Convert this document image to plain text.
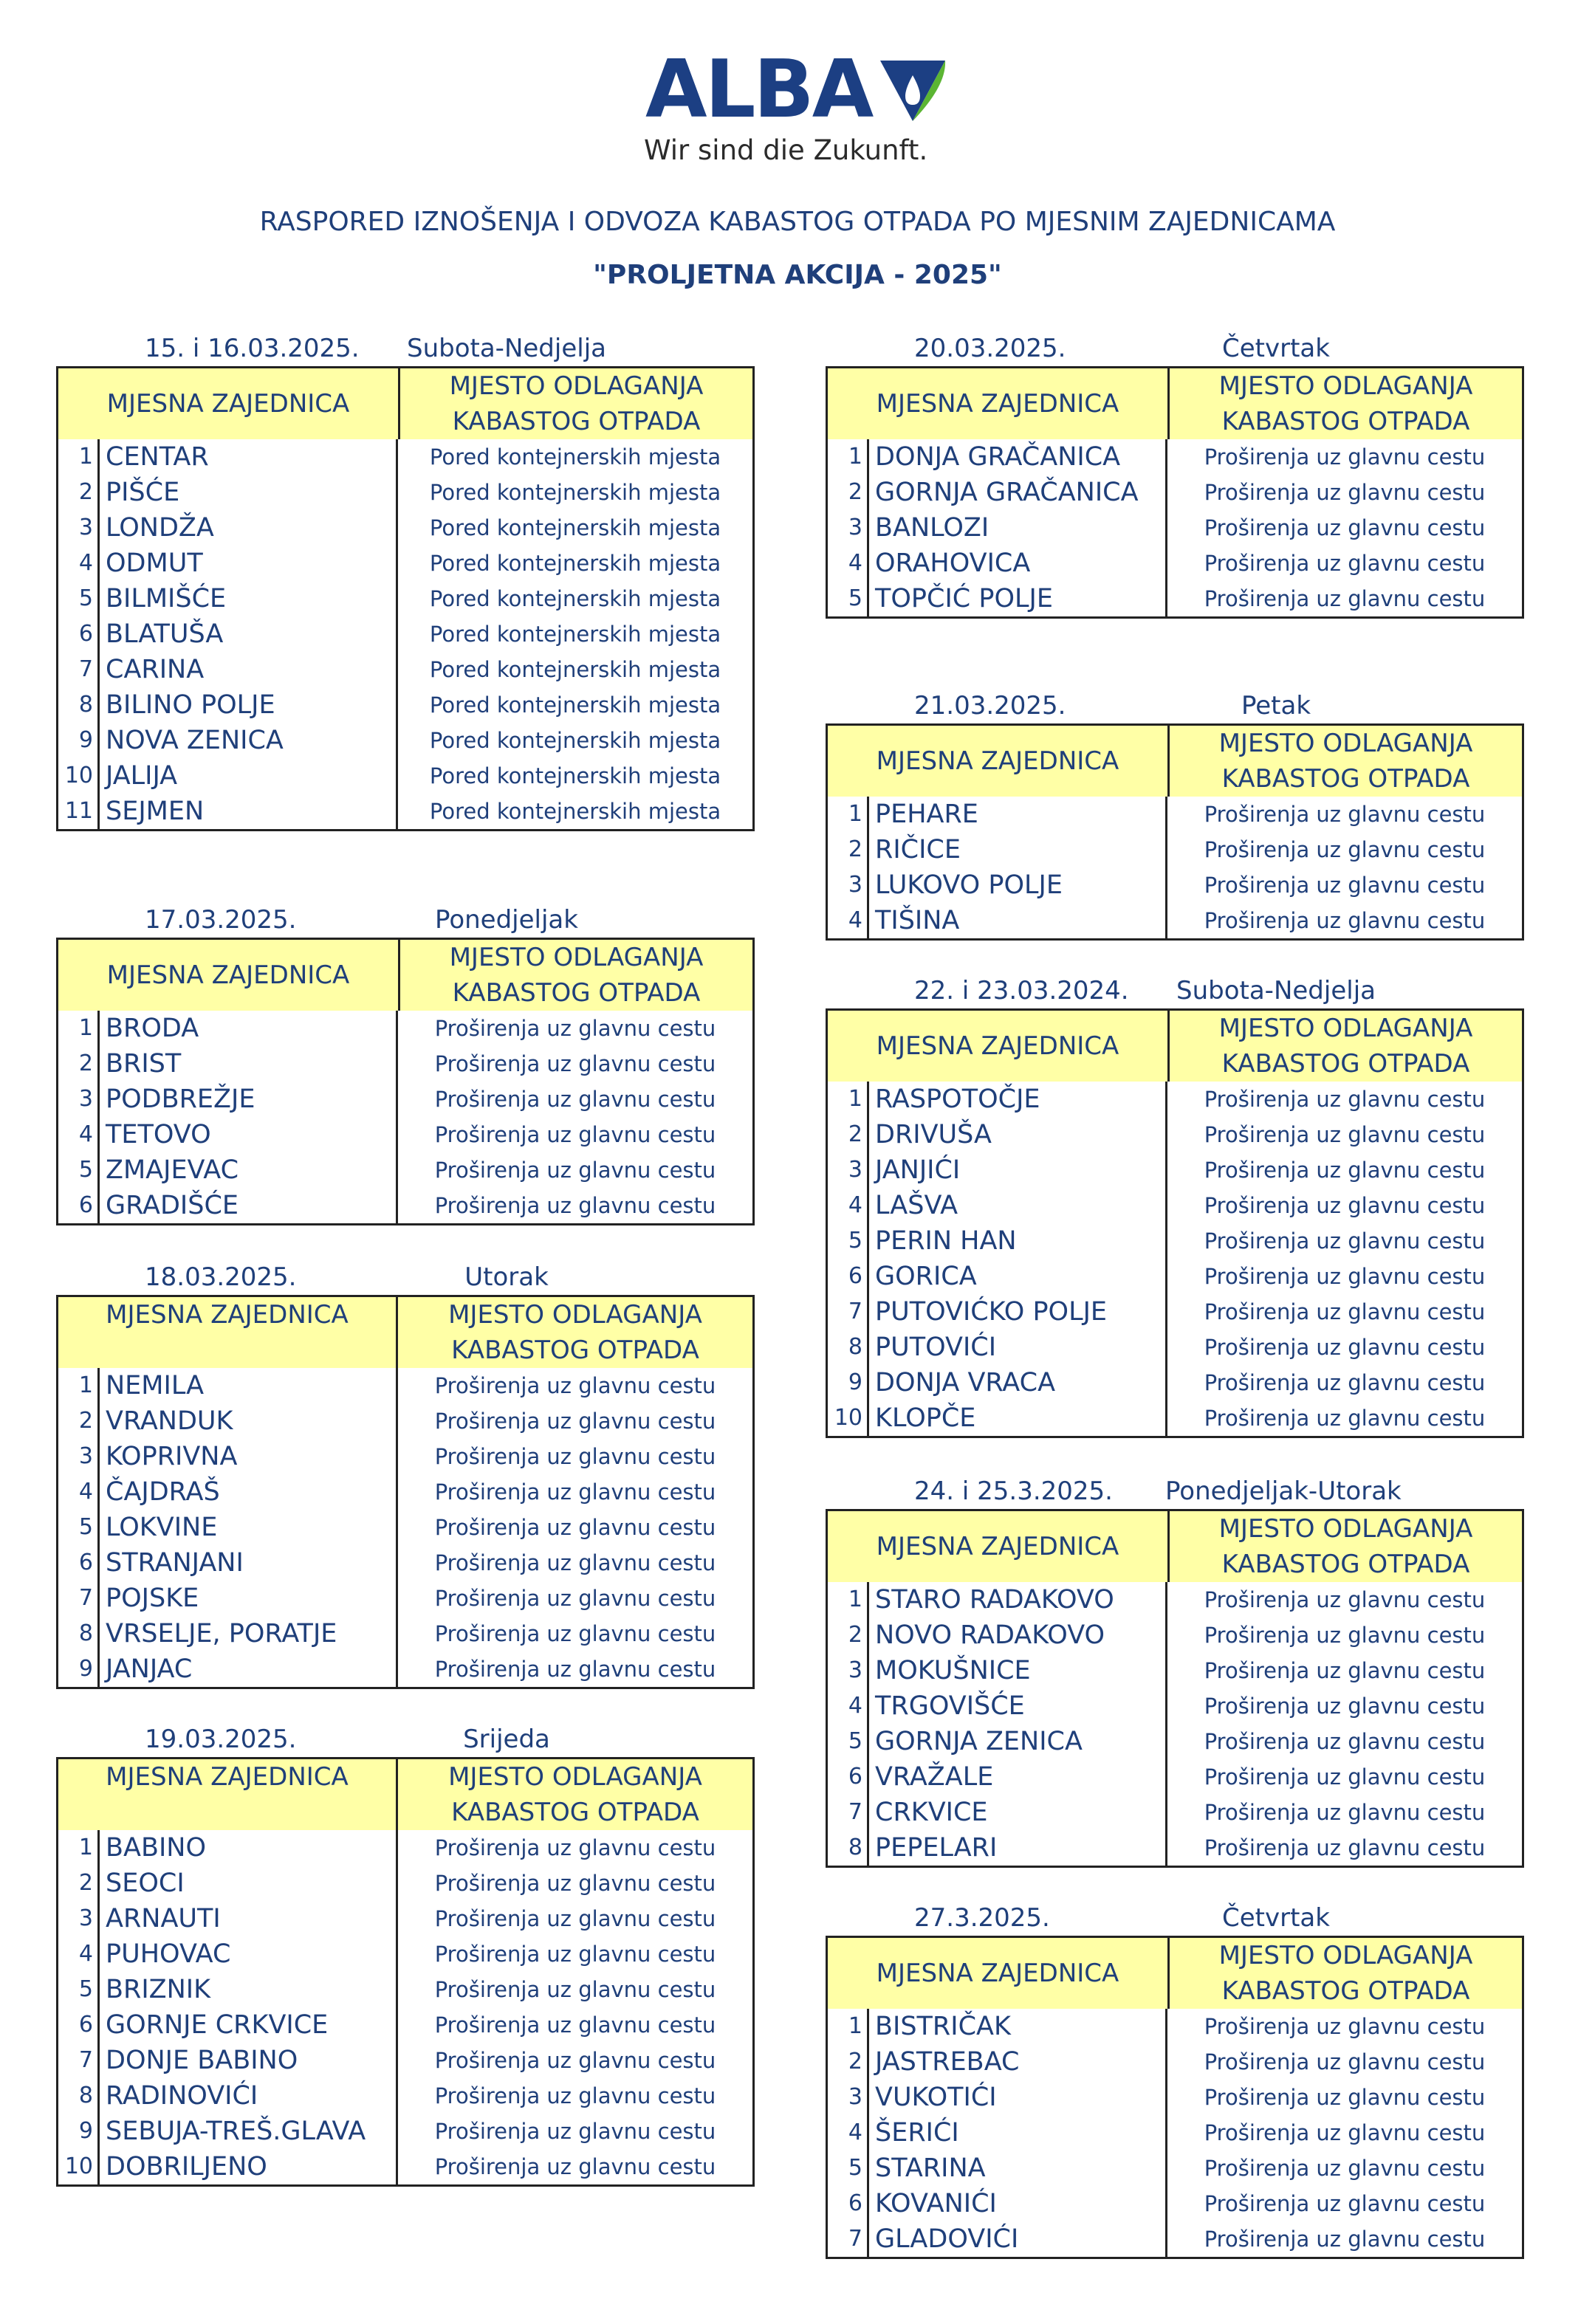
ALBA
Wir sind die Zukunft.
RASPORED IZNOŠENJA I ODVOZA KABASTOG OTPADA PO MJESNIM ZAJEDNICAMA
"PROLJETNA AKCIJA - 2025"
15. i 16.03.2025.	Subota-Nedjelja
MJESNA ZAJEDNICA
MJESTO ODLAGANJA
KABASTOG OTPADA
1 CENTAR	Pored kontejnerskih mjesta
2 PIŠĆE	Pored kontejnerskih mjesta
3 LONDŽA	Pored kontejnerskih mjesta
4 ODMUT	Pored kontejnerskih mjesta
5 BILMIŠĆE	Pored kontejnerskih mjesta
6 BLATUŠA	Pored kontejnerskih mjesta
7 CARINA	Pored kontejnerskih mjesta
8 BILINO POLJE	Pored kontejnerskih mjesta
9 NOVA ZENICA	Pored kontejnerskih mjesta
10 JALIJA	Pored kontejnerskih mjesta
11 SEJMEN	Pored kontejnerskih mjesta
17.03.2025.	Ponedjeljak
MJESNA ZAJEDNICA
MJESTO ODLAGANJA
KABASTOG OTPADA
1 BRODA	Proširenja uz glavnu cestu
2 BRIST	Proširenja uz glavnu cestu
3 PODBREŽJE	Proširenja uz glavnu cestu
4 TETOVO	Proširenja uz glavnu cestu
5 ZMAJEVAC	Proširenja uz glavnu cestu
6 GRADIŠĆE	Proširenja uz glavnu cestu
18.03.2025.	Utorak
MJESNA ZAJEDNICA	MJESTO ODLAGANJA
KABASTOG OTPADA
1 NEMILA	Proširenja uz glavnu cestu
2 VRANDUK	Proširenja uz glavnu cestu
3 KOPRIVNA	Proširenja uz glavnu cestu
4 ČAJDRAŠ	Proširenja uz glavnu cestu
5 LOKVINE	Proširenja uz glavnu cestu
6 STRANJANI	Proširenja uz glavnu cestu
7 POJSKE	Proširenja uz glavnu cestu
8 VRSELJE, PORATJE	Proširenja uz glavnu cestu
9 JANJAC	Proširenja uz glavnu cestu
19.03.2025.	Srijeda
MJESNA ZAJEDNICA	MJESTO ODLAGANJA
KABASTOG OTPADA
1 BABINO	Proširenja uz glavnu cestu
2 SEOCI	Proširenja uz glavnu cestu
3 ARNAUTI	Proširenja uz glavnu cestu
4 PUHOVAC	Proširenja uz glavnu cestu
5 BRIZNIK	Proširenja uz glavnu cestu
6 GORNJE CRKVICE	Proširenja uz glavnu cestu
7 DONJE BABINO	Proširenja uz glavnu cestu
8 RADINOVIĆI	Proširenja uz glavnu cestu
9 SEBUJA-TREŠ.GLAVA	Proširenja uz glavnu cestu
10 DOBRILJENO	Proširenja uz glavnu cestu
20.03.2025.	Četvrtak
MJESNA ZAJEDNICA
MJESTO ODLAGANJA
KABASTOG OTPADA
1 DONJA GRAČANICA	Proširenja uz glavnu cestu
2 GORNJA GRAČANICA	Proširenja uz glavnu cestu
3 BANLOZI	Proširenja uz glavnu cestu
4 ORAHOVICA	Proširenja uz glavnu cestu
5 TOPČIĆ POLJE	Proširenja uz glavnu cestu
21.03.2025.	Petak
MJESNA ZAJEDNICA
MJESTO ODLAGANJA
KABASTOG OTPADA
1 PEHARE	Proširenja uz glavnu cestu
2 RIČICE	Proširenja uz glavnu cestu
3 LUKOVO POLJE	Proširenja uz glavnu cestu
4 TIŠINA	Proširenja uz glavnu cestu
22. i 23.03.2024.	Subota-Nedjelja
MJESNA ZAJEDNICA
MJESTO ODLAGANJA
KABASTOG OTPADA
1 RASPOTOČJE	Proširenja uz glavnu cestu
2 DRIVUŠA	Proširenja uz glavnu cestu
3 JANJIĆI	Proširenja uz glavnu cestu
4 LAŠVA	Proširenja uz glavnu cestu
5 PERIN HAN	Proširenja uz glavnu cestu
6 GORICA	Proširenja uz glavnu cestu
7 PUTOVIĆKO POLJE	Proširenja uz glavnu cestu
8 PUTOVIĆI	Proširenja uz glavnu cestu
9 DONJA VRACA	Proširenja uz glavnu cestu
10 KLOPČE	Proširenja uz glavnu cestu
24. i 25.3.2025. Ponedjeljak-Utorak
MJESNA ZAJEDNICA
MJESTO ODLAGANJA
KABASTOG OTPADA
1 STARO RADAKOVO	Proširenja uz glavnu cestu
2 NOVO RADAKOVO	Proširenja uz glavnu cestu
3 MOKUŠNICE	Proširenja uz glavnu cestu
4 TRGOVIŠĆE	Proširenja uz glavnu cestu
5 GORNJA ZENICA	Proširenja uz glavnu cestu
6 VRAŽALE	Proširenja uz glavnu cestu
7 CRKVICE	Proširenja uz glavnu cestu
8 PEPELARI	Proširenja uz glavnu cestu
27.3.2025.	Četvrtak
MJESNA ZAJEDNICA
MJESTO ODLAGANJA
KABASTOG OTPADA
1 BISTRIČAK	Proširenja uz glavnu cestu
2 JASTREBAC	Proširenja uz glavnu cestu
3 VUKOTIĆI	Proširenja uz glavnu cestu
4 ŠERIĆI	Proširenja uz glavnu cestu
5 STARINA	Proširenja uz glavnu cestu
6 KOVANIĆI	Proširenja uz glavnu cestu
7 GLADOVIĆI	Proširenja uz glavnu cestu
